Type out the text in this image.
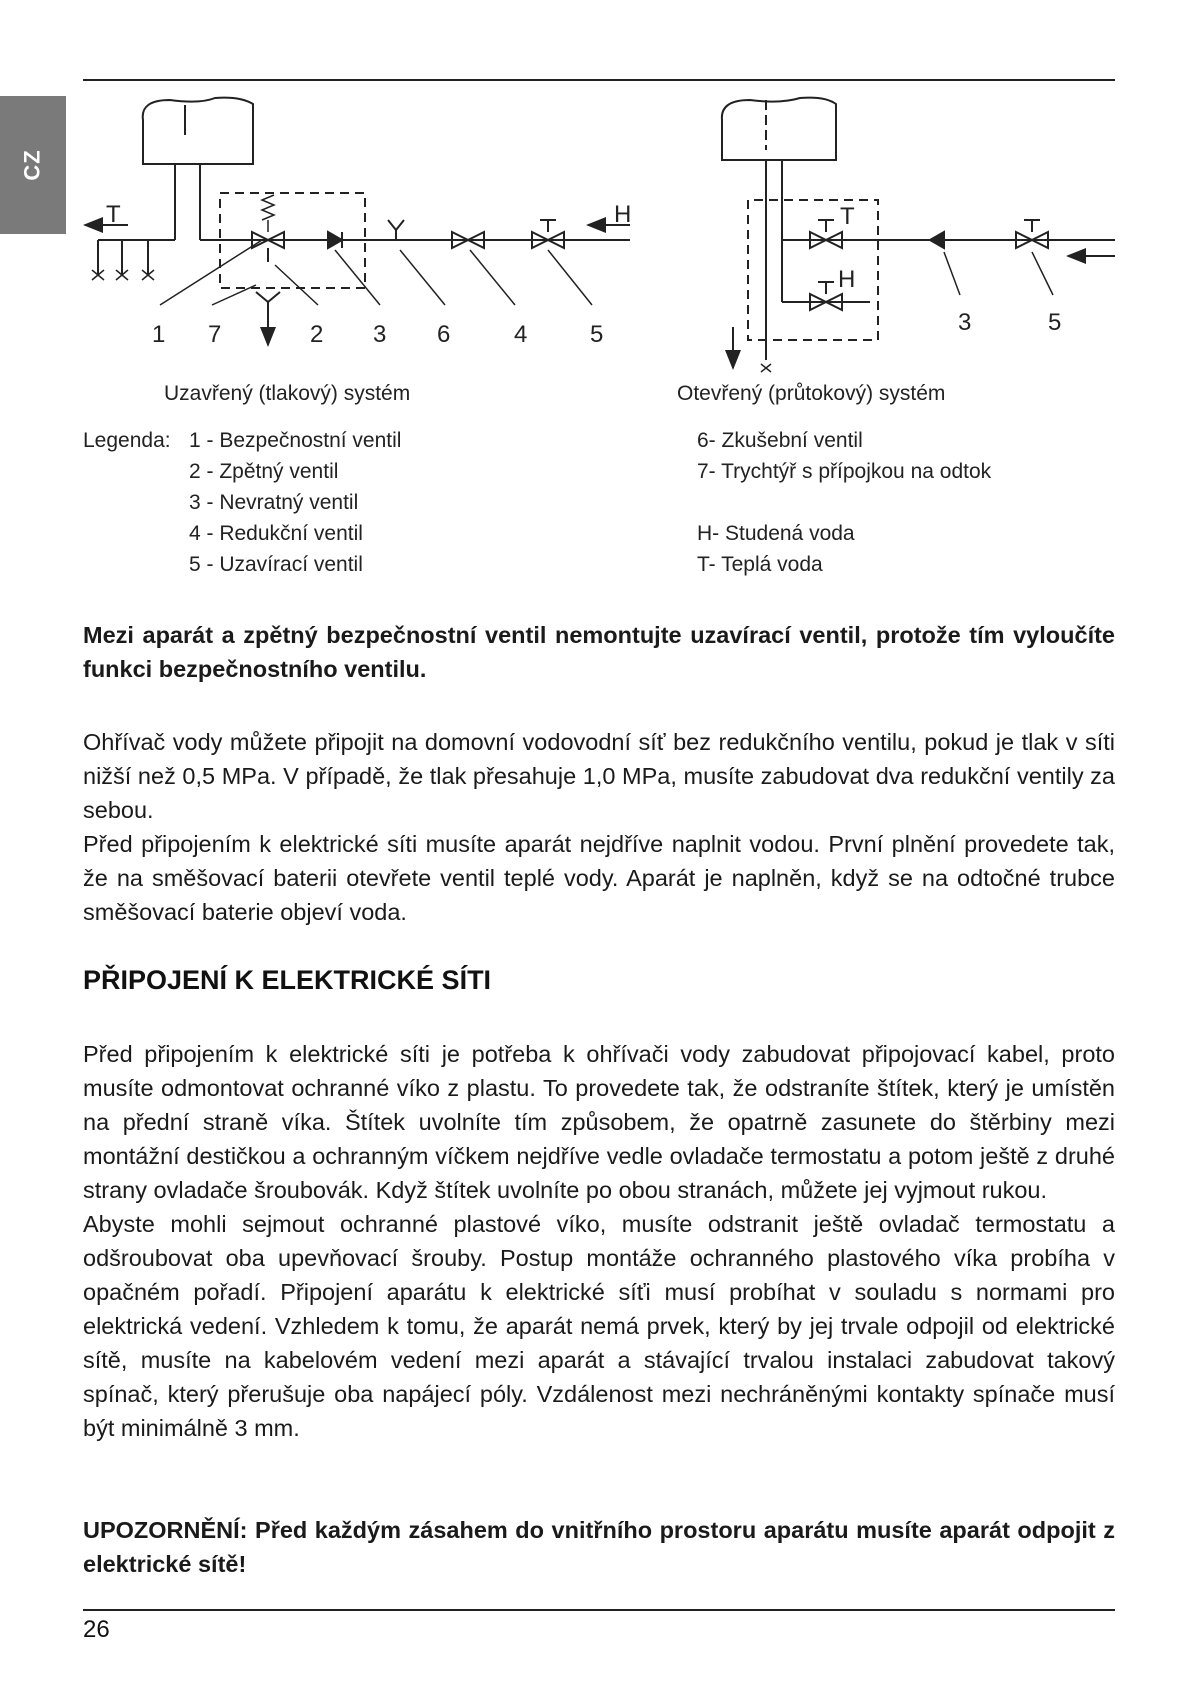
CZ
T	H
1 7	2 3 6	4	5
T
H
3	5
Uzavřený (tlakový) systém	Otevřený (průtokový) systém
Legenda: 1 - Bezpečnostní ventil
2 - Zpětný ventil
3 - Nevratný ventil
4 - Redukční ventil
5 - Uzavírací ventil
6- Zkušební ventil
7- Trychtýř s přípojkou na odtok
H- Studená voda
T- Teplá voda
Mezi aparát a zpětný bezpečnostní ventil nemontujte uzavírací ventil, protože tím vyloučíte funkci bezpečnostního ventilu.

Ohřívač vody můžete připojit na domovní vodovodní síť bez redukčního ventilu, pokud je tlak v síti nižší než 0,5 MPa. V případě, že tlak přesahuje 1,0 MPa, musíte zabudovat dva redukční ventily za sebou.

Před připojením k elektrické síti musíte aparát nejdříve naplnit vodou. První plnění provedete tak, že na směšovací baterii otevřete ventil teplé vody. Aparát je naplněn, když se na odtočné trubce směšovací baterie objeví voda.

PŘIPOJENÍ K ELEKTRICKÉ SÍTI

Před připojením k elektrické síti je potřeba k ohřívači vody zabudovat připojovací kabel, proto musíte odmontovat ochranné víko z plastu. To provedete tak, že odstraníte štítek, který je umístěn na přední straně víka. Štítek uvolníte tím způsobem, že opatrně zasunete do štěrbiny mezi montážní destičkou a ochranným víčkem nejdříve vedle ovladače termostatu a potom ještě z druhé strany ovladače šroubovák. Když štítek uvolníte po obou stranách, můžete jej vyjmout rukou.

Abyste mohli sejmout ochranné plastové víko, musíte odstranit ještě ovladač termostatu a odšroubovat oba upevňovací šrouby. Postup montáže ochranného plastového víka probíha v opačném pořadí. Připojení aparátu k elektrické síťi musí probíhat v souladu s normami pro elektrická vedení. Vzhledem k tomu, že aparát nemá prvek, který by jej trvale odpojil od elektrické sítě, musíte na kabelovém vedení mezi aparát a stávající trvalou instalaci zabudovat takový spínač, který přerušuje oba napájecí póly. Vzdálenost mezi nechráněnými kontakty spínače musí být minimálně 3 mm.

UPOZORNĚNÍ: Před každým zásahem do vnitřního prostoru aparátu musíte aparát odpojit z elektrické sítě!
26
